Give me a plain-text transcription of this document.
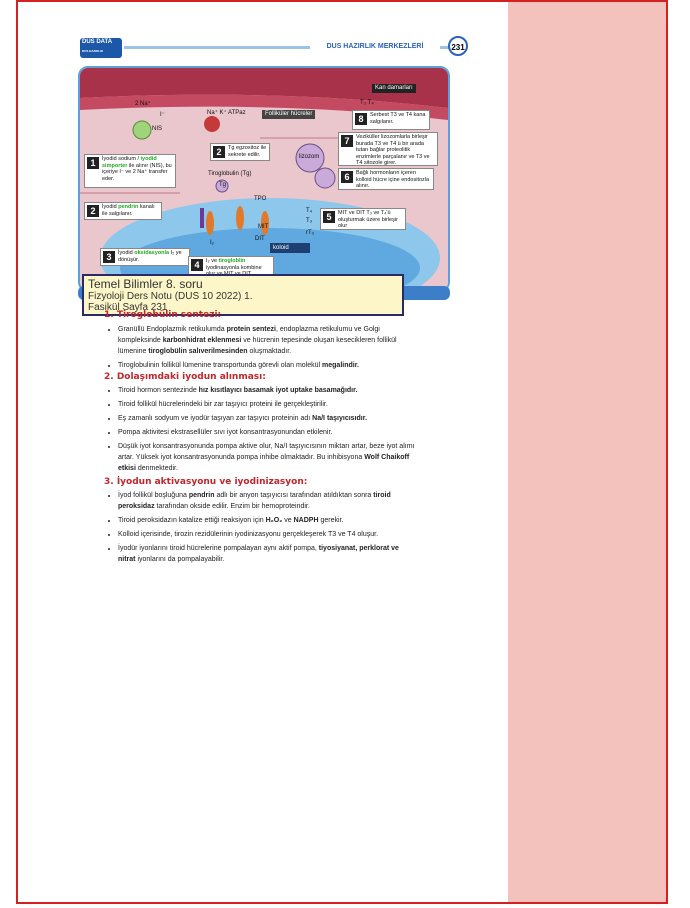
DUS DATA
DUS HAZIRLIK MERKEZLERİ
DUS HAZIRLIK MERKEZLERİ	231
Kan damarları
Folliküler hücreler
2 Na⁺
I⁻
NIS
Na⁺ K⁺ ATPaz
Tg
Tiroglobulin (Tg)
TPO
lizozom
MIT
DIT
koloid
I₂
T₄
T₃
rT₃
T₃ T₄
1	İyodid sodium / iyodid simporter ile alınır (NIS), bu içeriye I⁻ ve 2 Na⁺ transfer eder.
2	İyodid pendrin kanalı ile salgılanır.
2	Tg egzositoz ile sekrete edilir.
3	İyodid oksidasyonla I₂ ye dönüşür.
4	I₂ ve tirogloblin iyodinasyonla kombine
5	MIT ve DIT T₃ ve T₄'ü oluşturmak üzere birleşir olur
6	Bağlı hormonların içeren kolloid hücre içine endositozla alınır.
7	Veziküller lizozomlarla birleşir burada T3 ve T4 ü bir arada tutan bağlar proteolitik enzimlerle parçalanır ve T3 ve T4 sitozole girer.
8	Serbest T3 ve T4 kana salgılanır.
Temel Bilimler 8. soru
Fizyoloji Ders Notu (DUS 10 2022) 1.
Fasikül Sayfa 231
1. Tiroglobülin sentezi:
• Granüllü Endoplazmik retikulumda protein sentezi, endoplazma retikulumu ve Golgi kompleksinde karbonhidrat eklenmesi ve hücrenin tepesinde oluşan kesecikleren follikül lümenine tiroglobülin salıverilmesinden oluşmaktadır.
• Tiroglobulinin follikül lümenine transportunda görevli olan molekül megalindir.
2. Dolaşımdaki iyodun alınması:
• Tiroid hormon sentezinde hız kısıtlayıcı basamak iyot uptake basamağıdır.
• Tiroid follikül hücrelerindeki bir zar taşıyıcı proteini ile gerçekleştirilir.
• Eş zamanlı sodyum ve iyodür taşıyan zar taşıyıcı proteinin adı Na/I taşıyıcısıdır.
• Pompa aktivitesi ekstrasellüler sıvı iyot konsantrasyonundan etkilenir.
• Düşük iyot konsantrasyonunda pompa aktive olur, Na/I taşıyıcısının miktarı artar, beze iyot alımı artar. Yüksek iyot konsantrasyonunda pompa inhibe olmaktadır. Bu inhibisyona Wolf Chaikoff etkisi denmektedir.
3. İyodun aktivasyonu ve iyodinizasyon:
• İyod follikül boşluğuna pendrin adlı bir anyon taşıyıcısı tarafından atıldıktan sonra tiroid peroksidaz tarafından okside edilir. Enzim bir hemoproteindir.
• Tiroid peroksidazın katalize ettiği reaksiyon için H₂O₂ ve NADPH gerekir.
• Kolloid içerisinde, tirozin rezidülerinin iyodinizasyonu gerçekleşerek T3 ve T4 oluşur.
• İyodür iyonlarını tiroid hücrelerine pompalayan aynı aktif pompa, tiyosiyanat, perklorat ve nitrat iyonlarını da pompalayabilir.
